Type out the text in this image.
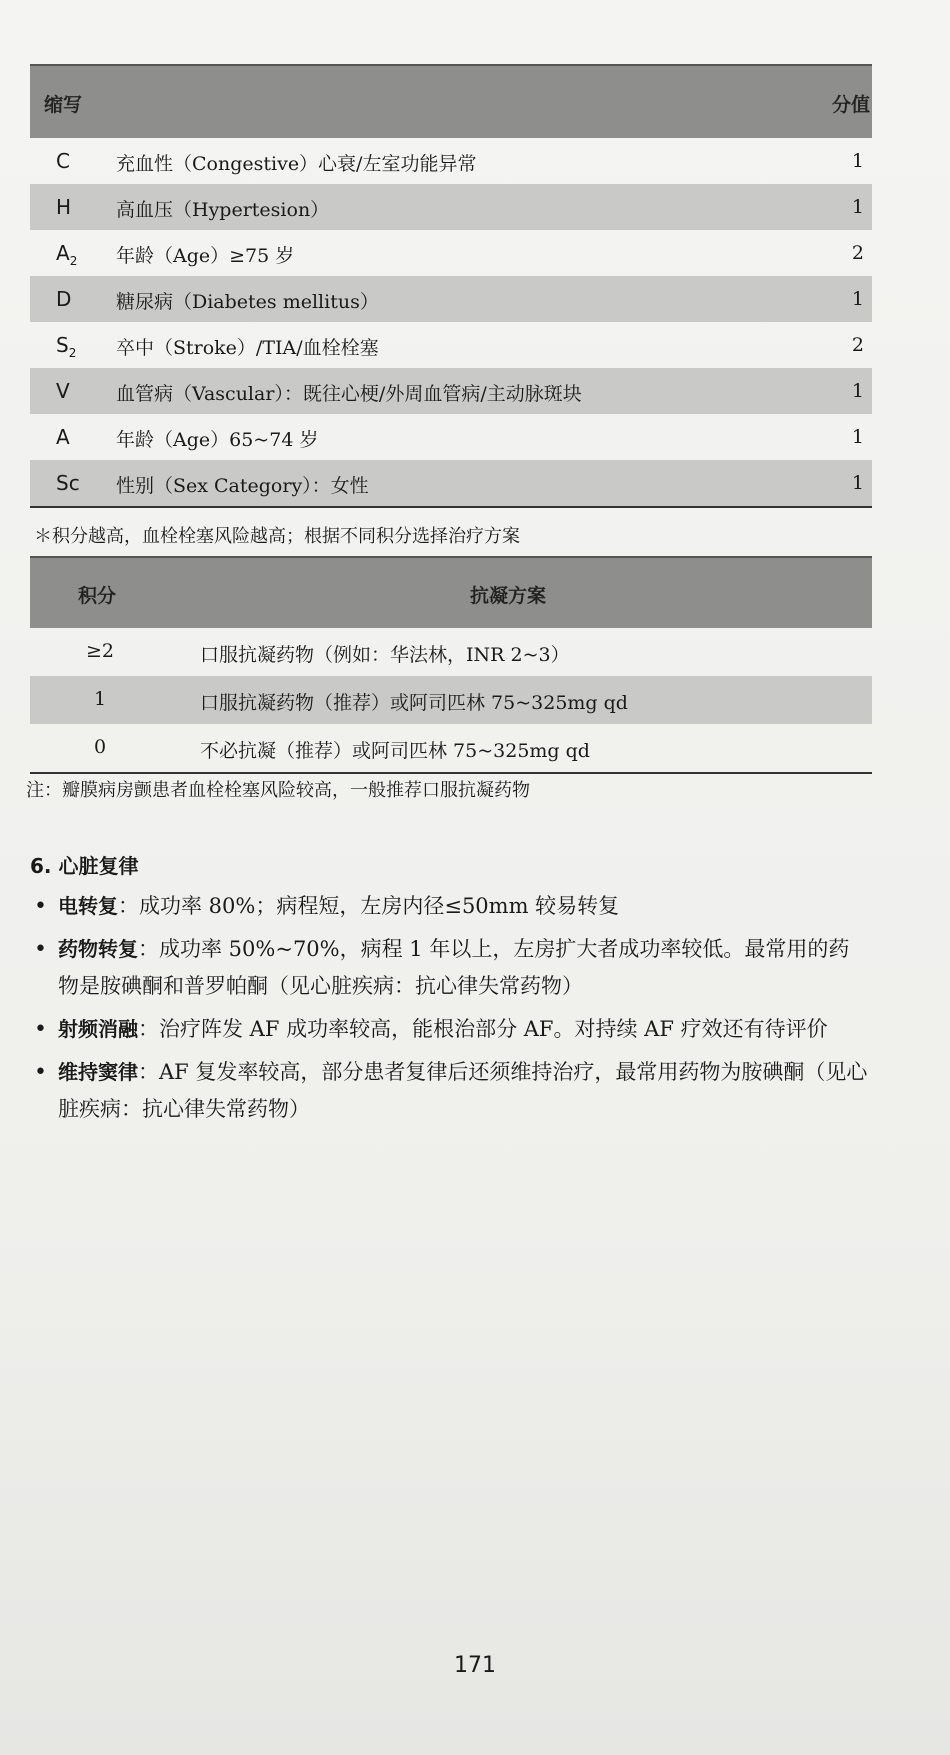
缩写	分值
C 充血性（Congestive）心衰/左室功能异常	1
H 高血压（Hypertesion）	1
$A_2$ 年龄（Age）≥75 岁	2
D 糖尿病（Diabetes mellitus）	1
$S_2$ 卒中（Stroke）/TIA/血栓栓塞	2
V 血管病（Vascular）：既往心梗/外周血管病/主动脉斑块	1
A 年龄（Age）65~74 岁	1
Sc 性别（Sex Category）：女性	1
＊积分越高，血栓栓塞风险越高；根据不同积分选择治疗方案
积分	抗凝方案
≥2	口服抗凝药物（例如：华法林，INR 2~3）
1	口服抗凝药物（推荐）或阿司匹林 75~325mg qd
0	不必抗凝（推荐）或阿司匹林 75~325mg qd
注：瓣膜病房颤患者血栓栓塞风险较高，一般推荐口服抗凝药物
6. 心脏复律
• 电转复：成功率 80%；病程短，左房内径≤50mm 较易转复
• 药物转复：成功率 50%~70%，病程 1 年以上，左房扩大者成功率较低。最常用的药物是胺碘酮和普罗帕酮（见心脏疾病：抗心律失常药物）
• 射频消融：治疗阵发 AF 成功率较高，能根治部分 AF。对持续 AF 疗效还有待评价
• 维持窦律：AF 复发率较高，部分患者复律后还须维持治疗，最常用药物为胺碘酮（见心脏疾病：抗心律失常药物）
171
